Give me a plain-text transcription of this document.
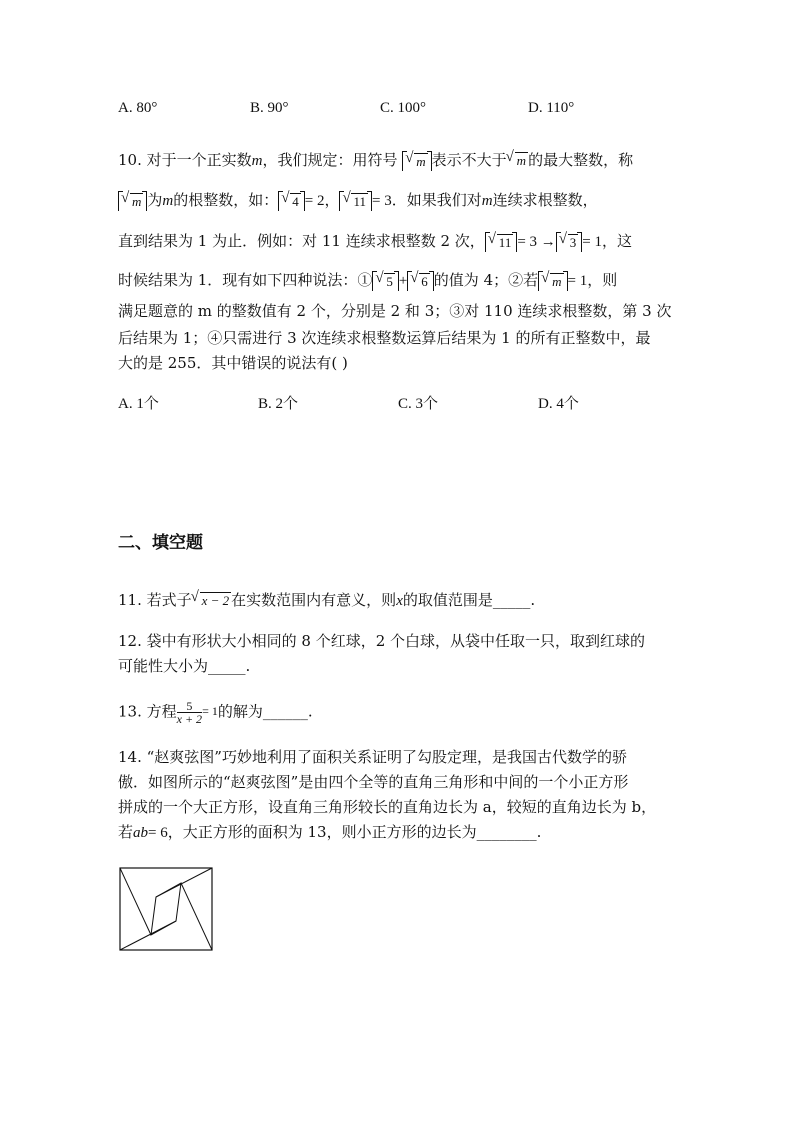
A. 80°	B. 90°	C. 100°	D. 110°
10. 对于一个正实数m，我们规定：用符号 √ m 表示不大于 √ m 的最大整数，称
√ m 为m的根整数，如： √ 4 = 2， √ 11 = 3．如果我们对m连续求根整数，
直到结果为 1 为止．例如：对 11 连续求根整数 2 次， √ 11 = 3 → √ 3 = 1，这
时候结果为 1．现有如下四种说法：① √ 5 + √ 6 的值为 4；②若 √ m = 1，则
满足题意的 m 的整数值有 2 个，分别是 2 和 3；③对 110 连续求根整数，第 3 次
后结果为 1；④只需进行 3 次连续求根整数运算后结果为 1 的所有正整数中，最
大的是 255．其中错误的说法有( )
A. 1个	B. 2个	C. 3个	D. 4个
二、填空题
11. 若式子 √ x − 2 在实数范围内有意义，则x的取值范围是_____.
12. 袋中有形状大小相同的 8 个红球，2 个白球，从袋中任取一只，取到红球的
可能性大小为_____.
13. 方程 $\frac{5}{x + 2} ^{= 1}$的解为______.
14. “赵爽弦图”巧妙地利用了面积关系证明了勾股定理，是我国古代数学的骄
傲．如图所示的“赵爽弦图”是由四个全等的直角三角形和中间的一个小正方形
拼成的一个大正方形，设直角三角形较长的直角边长为 a，较短的直角边长为 b，
若ab= 6，大正方形的面积为 13，则小正方形的边长为________.
